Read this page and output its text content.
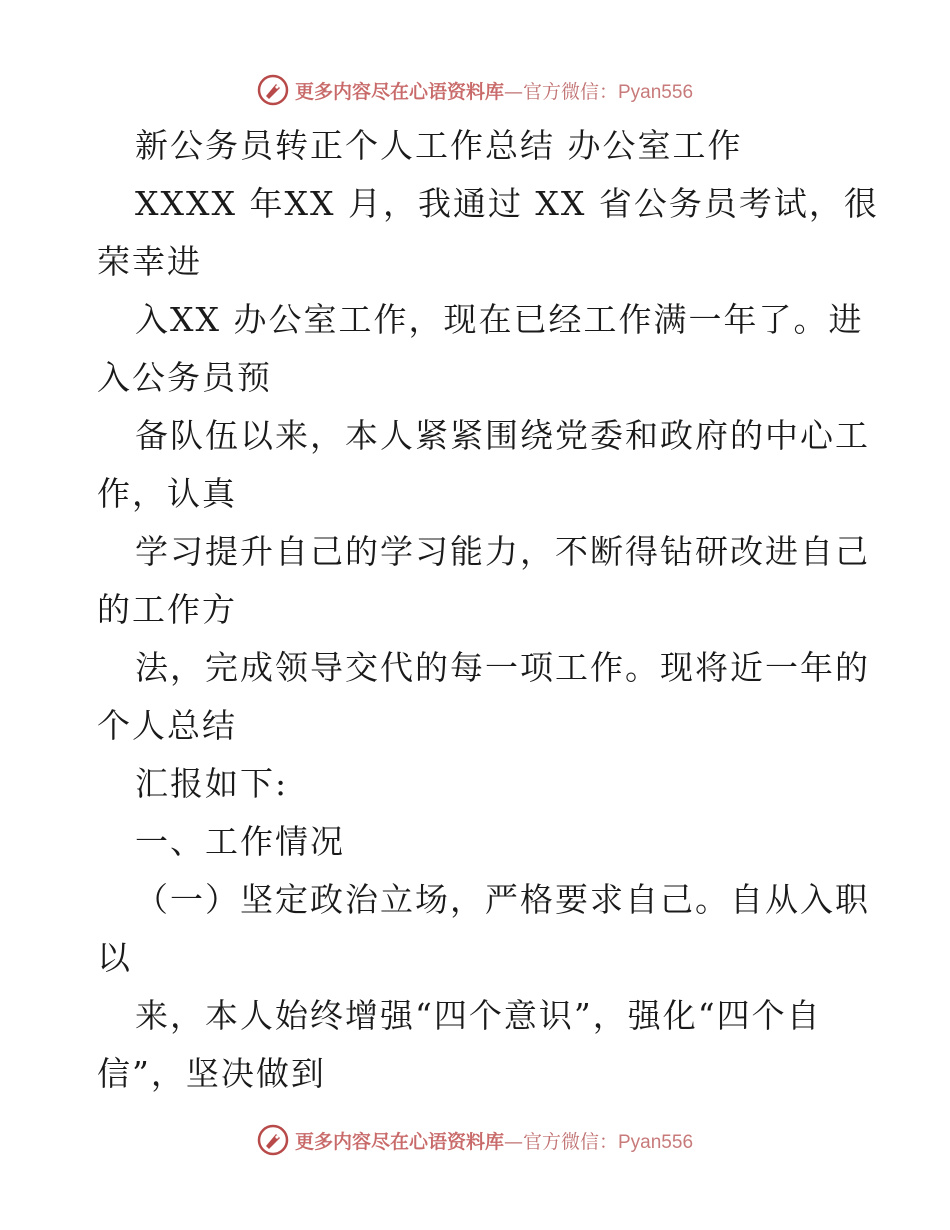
更多内容尽在心语资料库—官方微信：Pyan556
新公务员转正个人工作总结 办公室工作
XXXX 年XX 月，我通过 XX 省公务员考试，很
荣幸进
入XX 办公室工作，现在已经工作满一年了。进
入公务员预
备队伍以来，本人紧紧围绕党委和政府的中心工
作，认真
学习提升自己的学习能力，不断得钻研改进自己
的工作方
法，完成领导交代的每一项工作。现将近一年的
个人总结
汇报如下:
一、工作情况
（一）坚定政治立场，严格要求自己。自从入职
以
来，本人始终增强“四个意识”，强化“四个自
信”，坚决做到
更多内容尽在心语资料库—官方微信：Pyan556
